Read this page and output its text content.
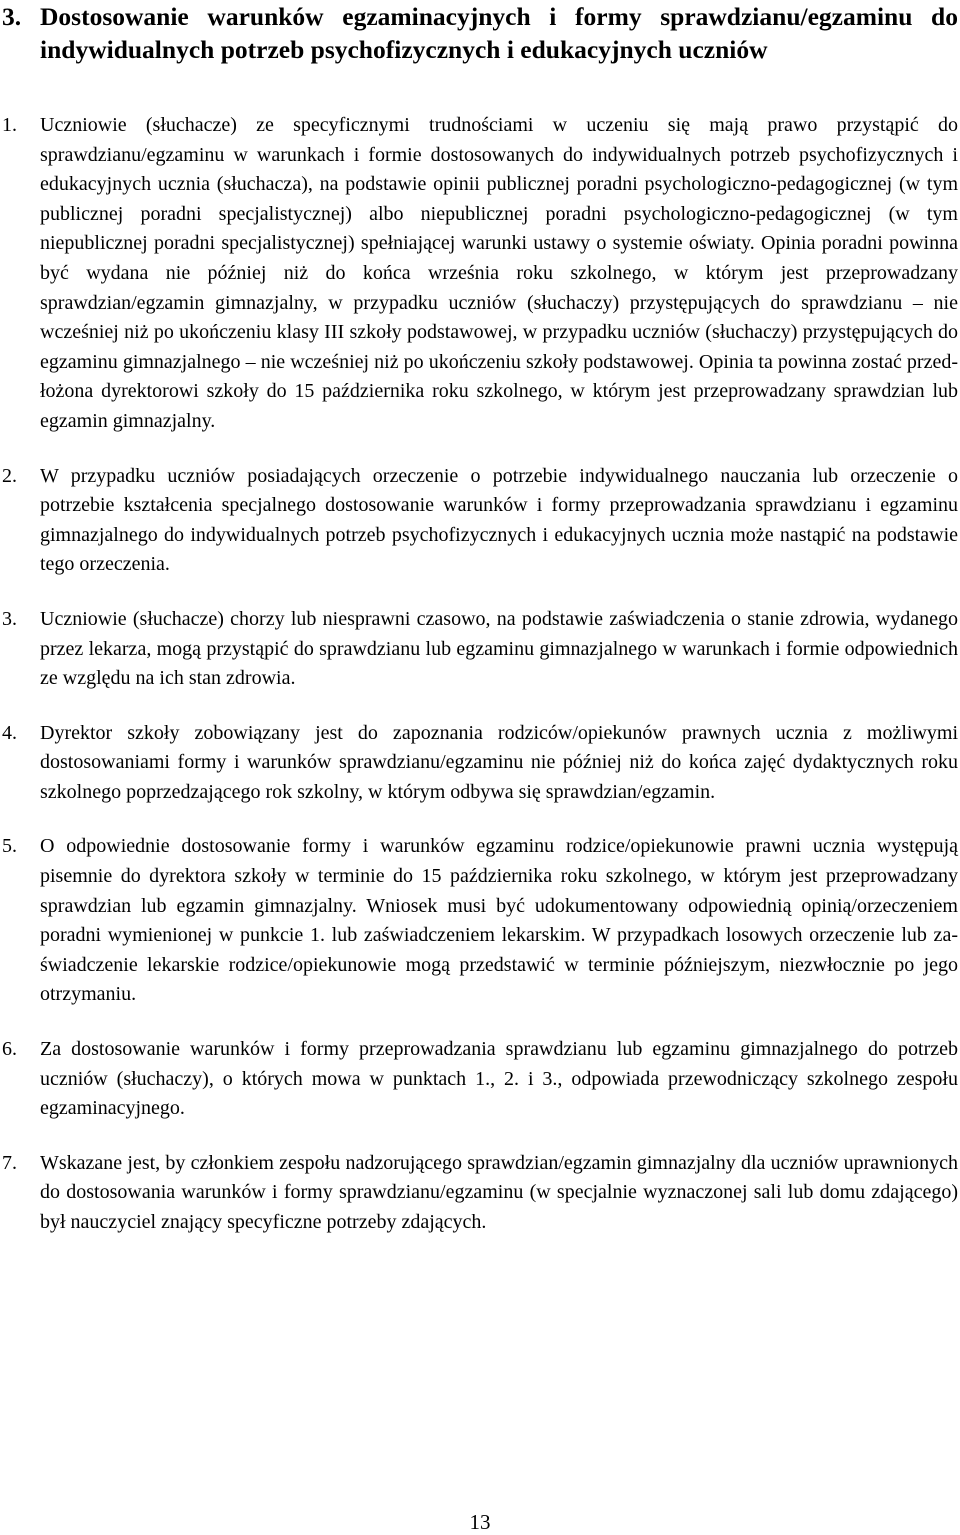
3. Dostosowanie warunków egzaminacyjnych i formy sprawdzianu/egzaminu do indywidualnych potrzeb psychofizycznych i edukacyjnych uczniów
1. Uczniowie (słuchacze) ze specyficznymi trudnościami w uczeniu się mają prawo przystąpić do sprawdzianu/egzaminu w warunkach i formie dostosowanych do indywidualnych potrzeb psychofizycznych i edukacyjnych ucznia (słuchacza), na podstawie opinii publicznej poradni psychologiczno-pedagogicznej (w tym publicznej poradni specjalistycznej) albo niepublicznej poradni psychologiczno-pedagogicznej (w tym niepublicznej poradni specjalistycznej) spełniającej warunki ustawy o systemie oświaty. Opinia poradni powinna być wydana nie później niż do końca września roku szkolnego, w którym jest przeprowadzany sprawdzian/egzamin gimnazjalny, w przypadku uczniów (słuchaczy) przystępujących do sprawdzianu – nie wcześniej niż po ukończeniu klasy III szkoły podstawowej, w przypadku uczniów (słuchaczy) przystępujących do egzaminu gimnazjalnego – nie wcześniej niż po ukończeniu szkoły podstawowej. Opinia ta powinna zostać przedłożona dyrektorowi szkoły do 15 października roku szkolnego, w którym jest przeprowadzany sprawdzian lub egzamin gimnazjalny.
2. W przypadku uczniów posiadających orzeczenie o potrzebie indywidualnego nauczania lub orzeczenie o potrzebie kształcenia specjalnego dostosowanie warunków i formy przeprowadzania sprawdzianu i egzaminu gimnazjalnego do indywidualnych potrzeb psychofizycznych i edukacyjnych ucznia może nastąpić na podstawie tego orzeczenia.
3. Uczniowie (słuchacze) chorzy lub niesprawni czasowo, na podstawie zaświadczenia o stanie zdrowia, wydanego przez lekarza, mogą przystąpić do sprawdzianu lub egzaminu gimnazjalnego w warunkach i formie odpowiednich ze względu na ich stan zdrowia.
4. Dyrektor szkoły zobowiązany jest do zapoznania rodziców/opiekunów prawnych ucznia z możliwymi dostosowaniami formy i warunków sprawdzianu/egzaminu nie później niż do końca zajęć dydaktycznych roku szkolnego poprzedzającego rok szkolny, w którym odbywa się sprawdzian/egzamin.
5. O odpowiednie dostosowanie formy i warunków egzaminu rodzice/opiekunowie prawni ucznia występują pisemnie do dyrektora szkoły w terminie do 15 października roku szkolnego, w którym jest przeprowadzany sprawdzian lub egzamin gimnazjalny. Wniosek musi być udokumentowany odpowiednią opinią/orzeczeniem poradni wymienionej w punkcie 1. lub zaświadczeniem lekarskim. W przypadkach losowych orzeczenie lub zaświadczenie lekarskie rodzice/opiekunowie mogą przedstawić w terminie późniejszym, niezwłocznie po jego otrzymaniu.
6. Za dostosowanie warunków i formy przeprowadzania sprawdzianu lub egzaminu gimnazjalnego do potrzeb uczniów (słuchaczy), o których mowa w punktach 1., 2. i 3., odpowiada przewodniczący szkolnego zespołu egzaminacyjnego.
7. Wskazane jest, by członkiem zespołu nadzorującego sprawdzian/egzamin gimnazjalny dla uczniów uprawnionych do dostosowania warunków i formy sprawdzianu/egzaminu (w specjalnie wyznaczonej sali lub domu zdającego) był nauczyciel znający specyficzne potrzeby zdających.
13
